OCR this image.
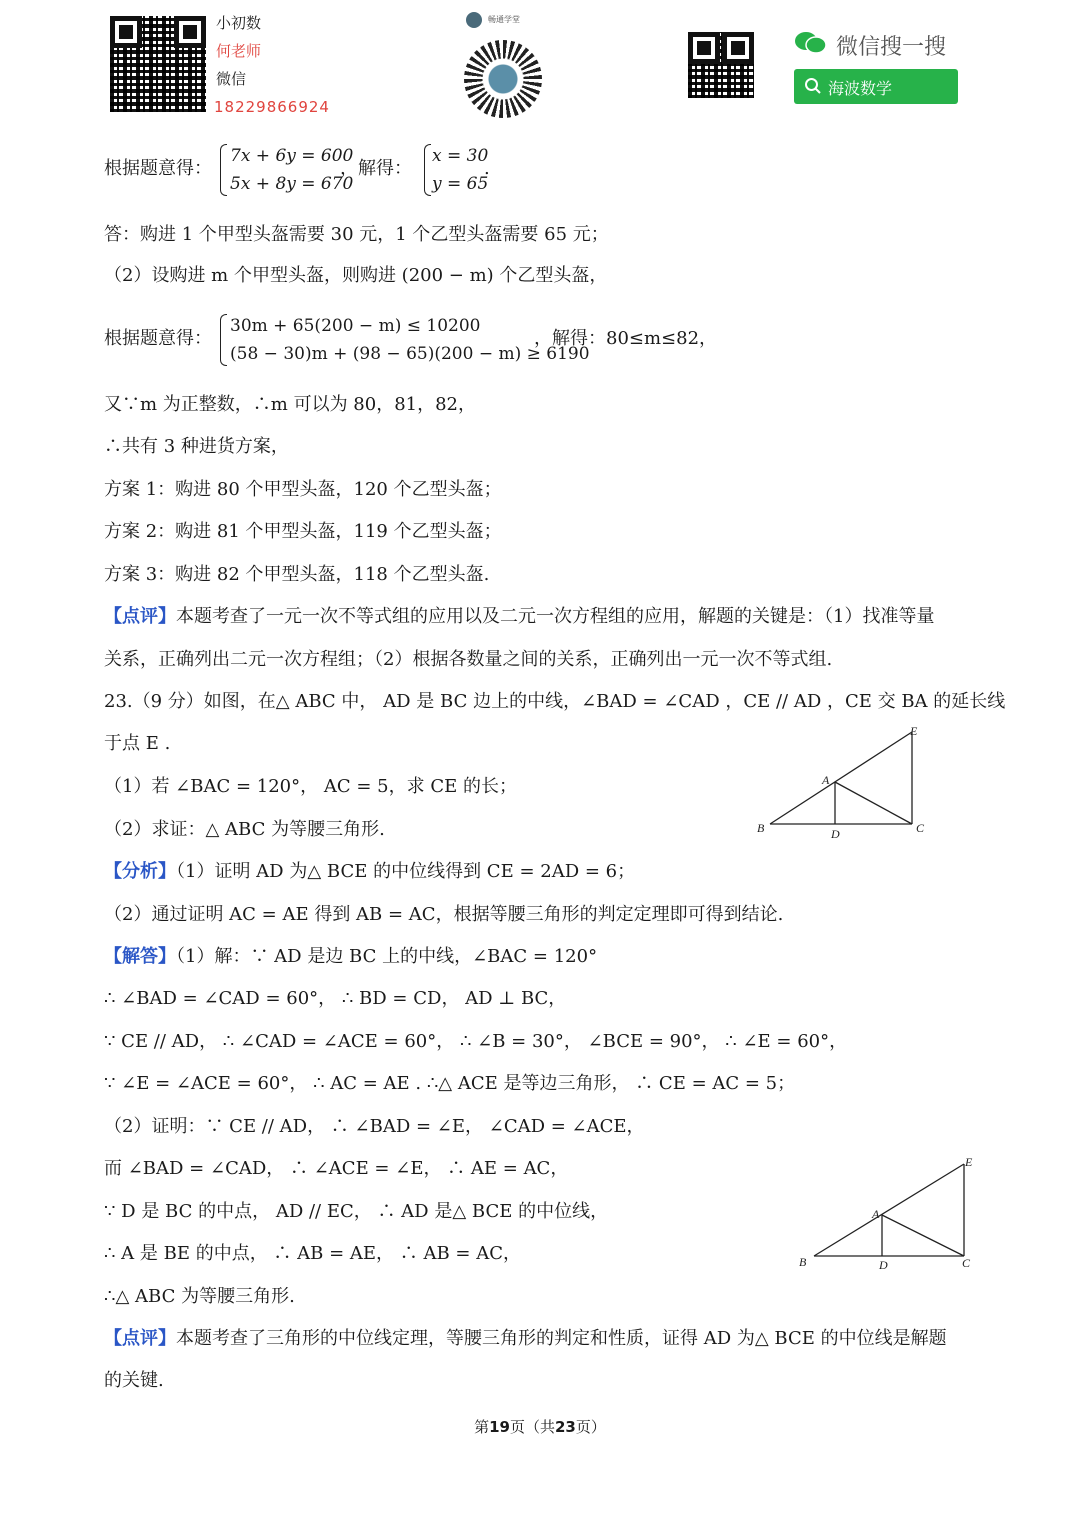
小初数
何老师
微信
18229866924
畅通学堂
微信搜一搜
海波数学
根据题意得：
7x + 6y = 600
5x + 8y = 670
，解得：
x = 30
y = 65
.
答：购进 1 个甲型头盔需要 30 元，1 个乙型头盔需要 65 元；
（2）设购进 m 个甲型头盔，则购进 (200 − m) 个乙型头盔，
根据题意得：
30m + 65(200 − m) ≤ 10200
(58 − 30)m + (98 − 65)(200 − m) ≥ 6190
，解得：80≤m≤82，
又∵m 为正整数，∴m 可以为 80，81，82，
∴共有 3 种进货方案，
方案 1：购进 80 个甲型头盔，120 个乙型头盔；
方案 2：购进 81 个甲型头盔，119 个乙型头盔；
方案 3：购进 82 个甲型头盔，118 个乙型头盔.
【点评】本题考查了一元一次不等式组的应用以及二元一次方程组的应用，解题的关键是：（1）找准等量
关系，正确列出二元一次方程组；（2）根据各数量之间的关系，正确列出一元一次不等式组.
23.（9 分）如图，在△ ABC 中， AD 是 BC 边上的中线，∠BAD = ∠CAD ，CE // AD ，CE 交 BA 的延长线
于点 E .
（1）若 ∠BAC = 120°， AC = 5，求 CE 的长；
（2）求证：△ ABC 为等腰三角形.
E
A
B	D	C
【分析】（1）证明 AD 为△ BCE 的中位线得到 CE = 2AD = 6；
（2）通过证明 AC = AE 得到 AB = AC，根据等腰三角形的判定定理即可得到结论.
【解答】（1）解：∵ AD 是边 BC 上的中线，∠BAC = 120°
∴ ∠BAD = ∠CAD = 60°， ∴ BD = CD， AD ⊥ BC，
∵ CE // AD， ∴ ∠CAD = ∠ACE = 60°， ∴ ∠B = 30°， ∠BCE = 90°， ∴ ∠E = 60°，
∵ ∠E = ∠ACE = 60°， ∴ AC = AE . ∴△ ACE 是等边三角形， ∴ CE = AC = 5；
（2）证明：∵ CE // AD， ∴ ∠BAD = ∠E， ∠CAD = ∠ACE，
而 ∠BAD = ∠CAD， ∴ ∠ACE = ∠E， ∴ AE = AC，
∵ D 是 BC 的中点， AD // EC， ∴ AD 是△ BCE 的中位线，
∴ A 是 BE 的中点， ∴ AB = AE， ∴ AB = AC，
∴△ ABC 为等腰三角形.
E
A
B	D	C
【点评】本题考查了三角形的中位线定理，等腰三角形的判定和性质，证得 AD 为△ BCE 的中位线是解题
的关键.
第19页（共23页）
